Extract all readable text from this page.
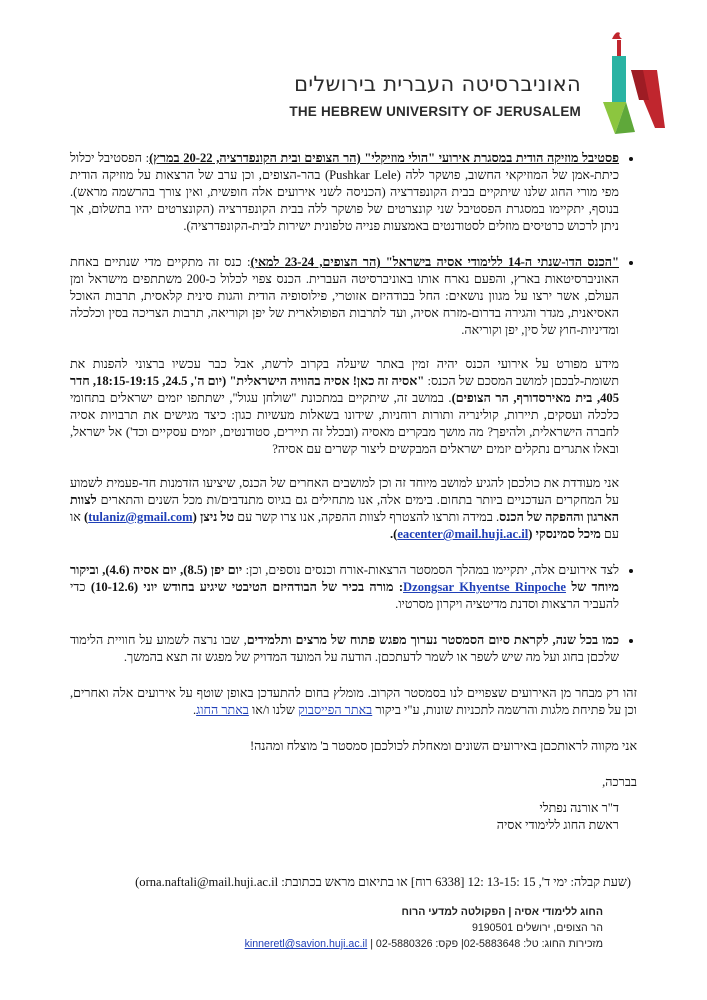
האוניברסיטה העברית בירושלים
THE HEBREW UNIVERSITY OF JERUSALEM

• פסטיבל מוזיקה הודית במסגרת אירועי "הולי מוזיקלי" (הר הצופים ובית הקונפדרציה, 20-22 במרץ): הפסטיבל יכלול כיתת-אמן של המוזיקאי החשוב, פושקר ללה (Pushkar Lele) בהר-הצופים, וכן ערב של הרצאות על מוזיקה הודית מפי מורי החוג שלנו שיתקיים בבית הקונפדרציה (הכניסה לשני אירועים אלה חופשית, ואין צורך בהרשמה מראש). בנוסף, יתקיימו במסגרת הפסטיבל שני קונצרטים של פושקר ללה בבית הקונפדרציה (הקונצרטים יהיו בתשלום, אך ניתן לרכוש כרטיסים מוזלים לסטודנטים באמצעות פנייה טלפונית ישירות לבית-הקונפדרציה).

• "הכנס הדו-שנתי ה-14 ללימודי אסיה בישראל" (הר הצופים, 23-24 למאי): כנס זה מתקיים מדי שנתיים באחת האוניברסיטאות בארץ, והפעם נארח אותו באוניברסיטה העברית. הכנס צפוי לכלול כ-200 משתתפים מישראל ומן העולם, אשר ירצו על מגוון נושאים: החל בבודהיזם אזוטרי, פילוסופיה הודית והגות סינית קלאסית, תרבות האוכל האסיאנית, מגדר והגירה בדרום-מזרח אסיה, ועד לתרבות הפופולארית של יפן וקוריאה, תרבות הצריכה בסין וכלכלה ומדיניות-חוץ של סין, יפן וקוריאה.

מידע מפורט על אירועי הכנס יהיה זמין באתר שיעלה בקרוב לרשת, אבל כבר עכשיו ברצוני להפנות את תשומת-לבכםן למושב המסכם של הכנס: "אסיה זה כאן! אסיה בהוויה הישראלית" (יום ה', 24.5, 18:15-19:15, חדר 405, בית מאירסדורף, הר הצופים). במושב זה, שיתקיים במתכונת "שולחן עגול", ישתתפו יזמים ישראלים בתחומי כלכלה ועסקים, תיירות, קולינריה ותורות רוחניות, שידונו בשאלות מעשיות כגון: כיצד מגישים את תרבויות אסיה לחברה הישראלית, ולהיפך? מה מושך מבקרים מאסיה (ובכלל זה תיירים, סטודנטים, יזמים עסקיים וכד') אל ישראל, ובאלו אתגרים נתקלים יזמים ישראלים המבקשים ליצור קשרים עם אסיה?

אני מעודדת את כולכםן להגיע למושב מיוחד זה וכן למושבים האחרים של הכנס, שיציעו הזדמנות חד-פעמית לשמוע על המחקרים העדכניים ביותר בתחום. בימים אלה, אנו מתחילים גם בגיוס מתנדבים/ות מכל השנים והתארים לצוות הארגון וההפקה של הכנס. במידה ותרצו להצטרף לצוות ההפקה, אנו צרו קשר עם טל ניצן (tulaniz@gmail.com) או עם מיכל סמינסקי (eacenter@mail.huji.ac.il).

• לצד אירועים אלה, יתקיימו במהלך הסמסטר הרצאות-אורח וכנסים נוספים, וכן: יום יפן (8.5), יום אסיה (4.6), וביקור מיוחד של Dzongsar Khyentse Rinpoche: מורה בכיר של הבודהיזם הטיבטי שיגיע בחודש יוני (10-12.6) כדי להעביר הרצאות וסדנת מדיטציה ויקרון מסרטיו.

• כמו בכל שנה, לקראת סיום הסמסטר נערוך מפגש פתוח של מרצים ותלמידים, שבו נרצה לשמוע על חוויית הלימוד שלכםן בחוג ועל מה שיש לשפר או לשמר לדעתכםן. הודעה על המועד המדויק של מפגש זה תצא בהמשך.

זהו רק מבחר מן האירועים שצפויים לנו בסמסטר הקרוב. מומלץ בחום להתעדכן באופן שוטף על אירועים אלה ואחרים, וכן על פתיחת מלגות והרשמה לתכניות שונות, ע"י ביקור באתר הפייסבוק שלנו ו/או באתר החוג.

אני מקווה לראותכםן באירועים השונים ומאחלת לכולכםן סמסטר ב' מוצלח ומהנה!

בברכה,

ד"ר אורנה נפתלי
ראשת החוג ללימודי אסיה
(שעת קבלה: ימי ד', 15 :13-15 :12 [6338 רוח] או בתיאום מראש בכתובת: orna.naftali@mail.huji.ac.il)
החוג ללימודי אסיה | הפקולטה למדעי הרוח
הר הצופים, ירושלים 9190501
מזכירות החוג: טל: 02-5883648| פקס: 02-5880326 | kinneretl@savion.huji.ac.il
